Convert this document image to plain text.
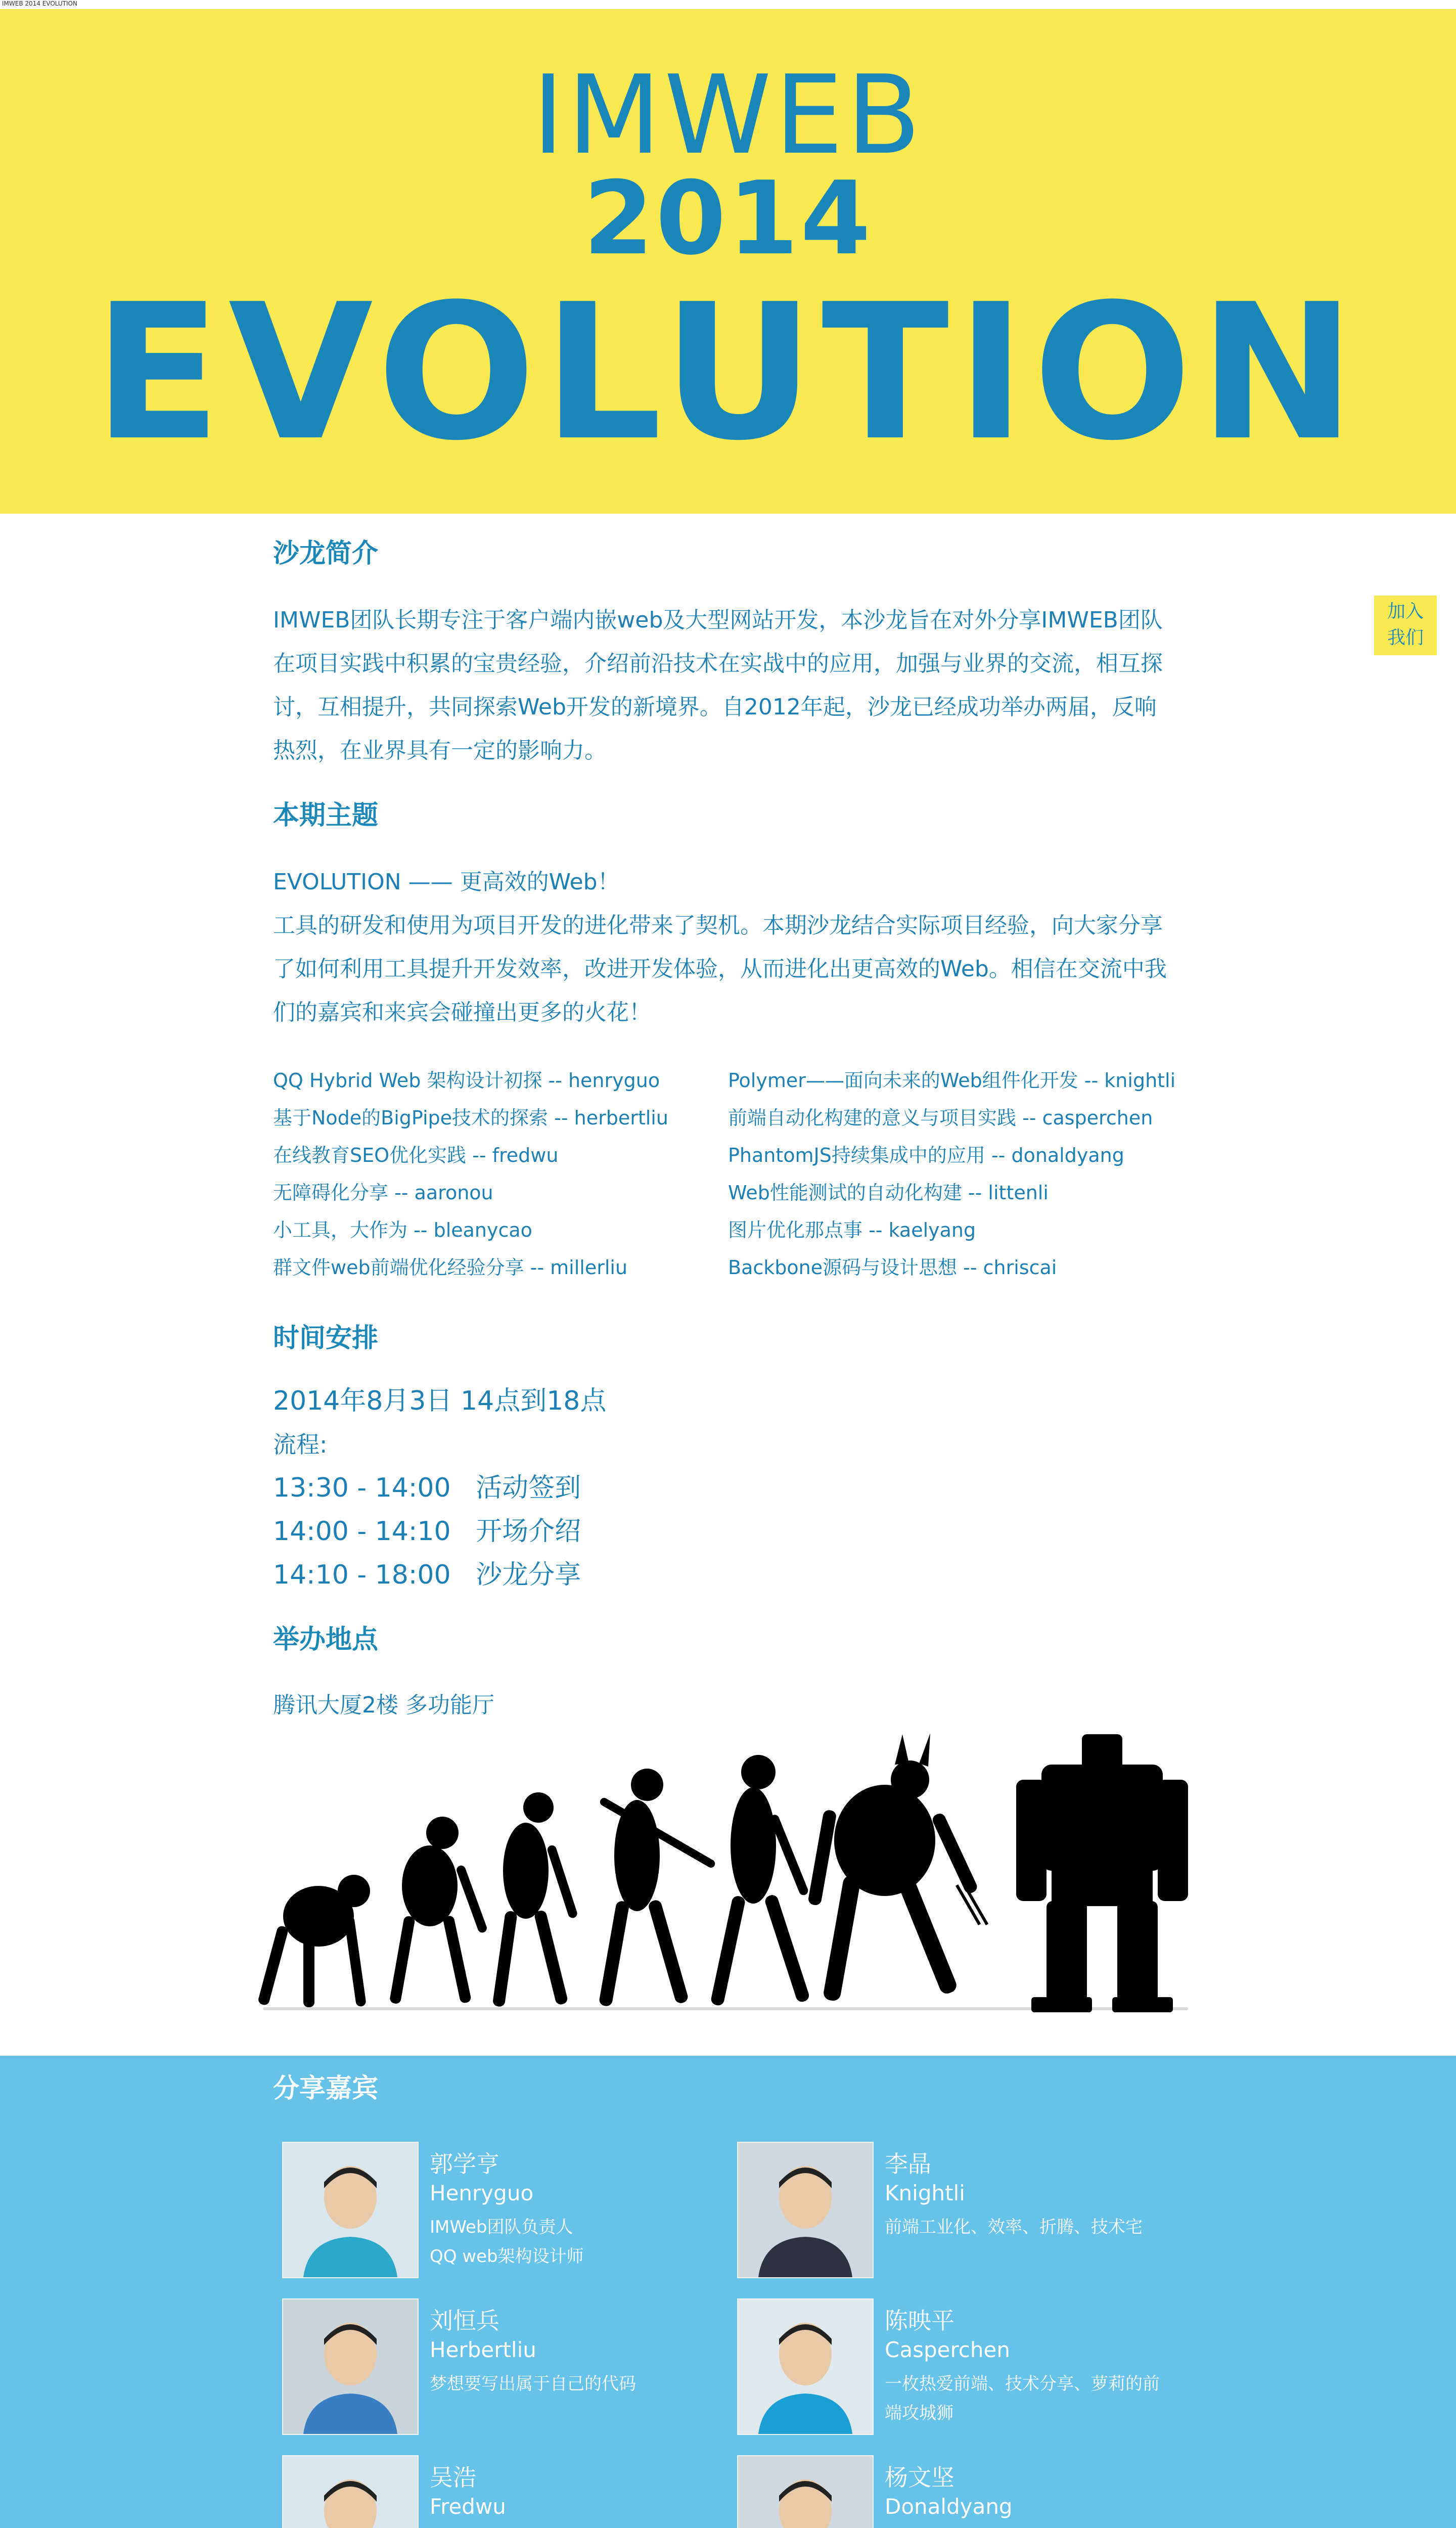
IMWEB 2014 EVOLUTION
IMWEB
2014
EVOLUTION
加入
我们
沙龙简介
IMWEB团队长期专注于客户端内嵌web及大型网站开发，本沙龙旨在对外分享IMWEB团队在项目实践中积累的宝贵经验，介绍前沿技术在实战中的应用，加强与业界的交流，相互探讨，互相提升，共同探索Web开发的新境界。自2012年起，沙龙已经成功举办两届，反响热烈，在业界具有一定的影响力。
本期主题
EVOLUTION —— 更高效的Web！
工具的研发和使用为项目开发的进化带来了契机。本期沙龙结合实际项目经验，向大家分享了如何利用工具提升开发效率，改进开发体验，从而进化出更高效的Web。相信在交流中我们的嘉宾和来宾会碰撞出更多的火花！
QQ Hybrid Web 架构设计初探 -- henryguo
基于Node的BigPipe技术的探索 -- herbertliu
在线教育SEO优化实践 -- fredwu
无障碍化分享 -- aaronou
小工具，大作为 -- bleanycao
群文件web前端优化经验分享 -- millerliu
Polymer——面向未来的Web组件化开发 -- knightli
前端自动化构建的意义与项目实践 -- casperchen
PhantomJS持续集成中的应用 -- donaldyang
Web性能测试的自动化构建 -- littenli
图片优化那点事 -- kaelyang
Backbone源码与设计思想 -- chriscai
时间安排
2014年8月3日 14点到18点
流程:
13:30 - 14:00   活动签到
14:00 - 14:10   开场介绍
14:10 - 18:00   沙龙分享
举办地点
腾讯大厦2楼 多功能厅
分享嘉宾
郭学亨
Henryguo
IMWeb团队负责人
QQ web架构设计师
李晶
Knightli
前端工业化、效率、折腾、技术宅
刘恒兵
Herbertliu
梦想要写出属于自己的代码
陈映平
Casperchen
一枚热爱前端、技术分享、萝莉的前端攻城狮
吴浩
Fredwu
杨文坚
Donaldyang
